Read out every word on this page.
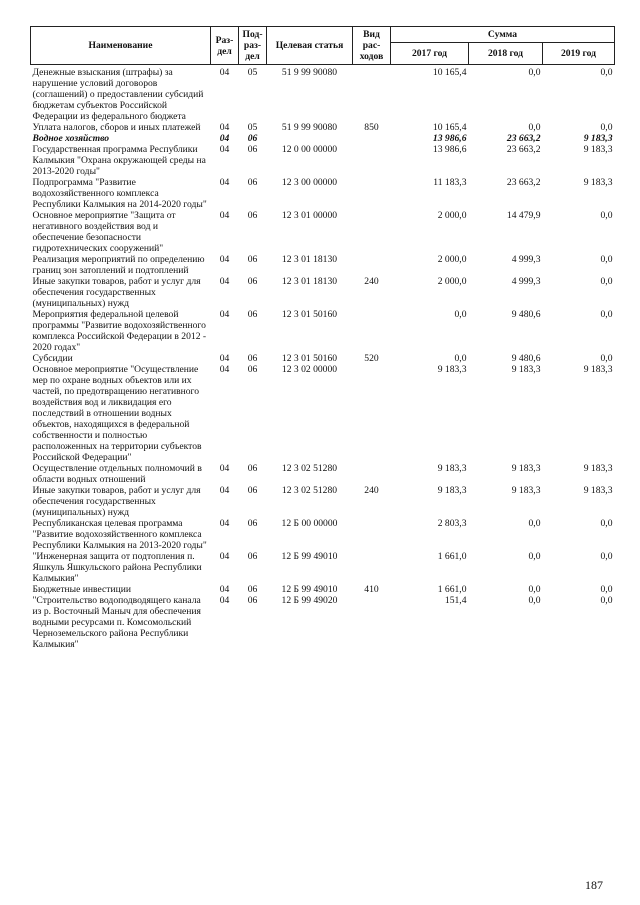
Наименование	Раз-дел	Под-раз-дел	Целевая статья	Вид рас-ходов	Сумма		
					2017 год	2018 год	2019 год
Денежные взыскания (штрафы) за нарушение условий договоров (соглашений) о предоставлении субсидий бюджетам субъектов Российской Федерации из федерального бюджета	04	05	51 9 99 90080		10 165,4	0,0	0,0
Уплата налогов, сборов и иных платежей	04	05	51 9 99 90080	850	10 165,4	0,0	0,0
Водное хозяйство	04	06			13 986,6	23 663,2	9 183,3
Государственная программа Республики Калмыкия "Охрана окружающей среды на 2013-2020 годы"	04	06	12 0 00 00000		13 986,6	23 663,2	9 183,3
Подпрограмма "Развитие водохозяйственного комплекса Республики Калмыкия на 2014-2020 годы"	04	06	12 3 00 00000		11 183,3	23 663,2	9 183,3
Основное мероприятие "Защита от негативного воздействия вод и обеспечение безопасности гидротехнических сооружений"	04	06	12 3 01 00000		2 000,0	14 479,9	0,0
Реализация мероприятий по определению границ зон затоплений и подтоплений	04	06	12 3 01 18130		2 000,0	4 999,3	0,0
Иные закупки товаров, работ и услуг для обеспечения государственных (муниципальных) нужд	04	06	12 3 01 18130	240	2 000,0	4 999,3	0,0
Мероприятия федеральной целевой программы "Развитие водохозяйственного комплекса Российской Федерации в 2012 - 2020 годах"	04	06	12 3 01 50160		0,0	9 480,6	0,0
Субсидии	04	06	12 3 01 50160	520	0,0	9 480,6	0,0
Основное мероприятие "Осуществление мер по охране водных объектов или их частей, по предотвращению негативного воздействия вод и ликвидация его последствий в отношении водных объектов, находящихся в федеральной собственности и полностью расположенных на территории субъектов Российской Федерации"	04	06	12 3 02 00000		9 183,3	9 183,3	9 183,3
Осуществление отдельных полномочий в области водных отношений	04	06	12 3 02 51280		9 183,3	9 183,3	9 183,3
Иные закупки товаров, работ и услуг для обеспечения государственных (муниципальных) нужд	04	06	12 3 02 51280	240	9 183,3	9 183,3	9 183,3
Республиканская целевая программа "Развитие водохозяйственного комплекса Республики Калмыкия на 2013-2020 годы"	04	06	12 Б 00 00000		2 803,3	0,0	0,0
"Инженерная защита от подтопления п. Яшкуль Яшкульского района Республики Калмыкия"	04	06	12 Б 99 49010		1 661,0	0,0	0,0
Бюджетные инвестиции	04	06	12 Б 99 49010	410	1 661,0	0,0	0,0
"Строительство водоподводящего канала из р. Восточный Маныч для обеспечения водными ресурсами п. Комсомольский Черноземельского района Республики Калмыкия"	04	06	12 Б 99 49020		151,4	0,0	0,0
187
